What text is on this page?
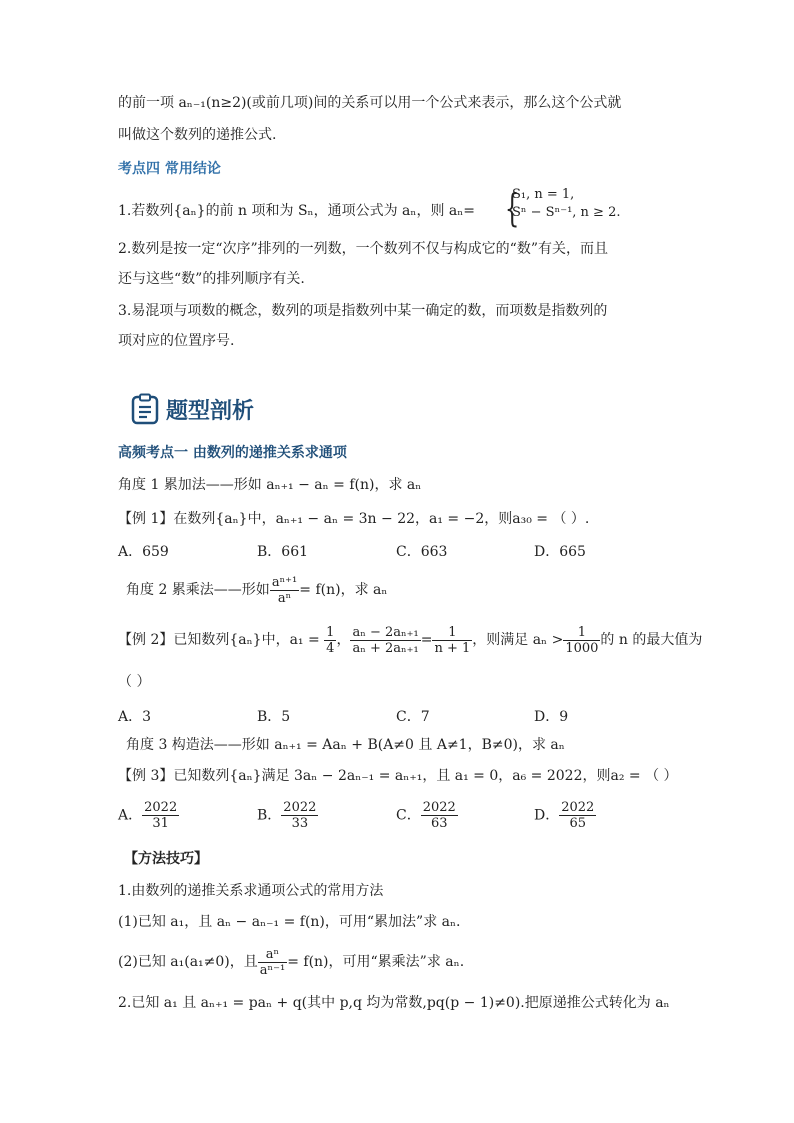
的前一项 aₙ₋₁(n≥2)(或前几项)间的关系可以用一个公式来表示，那么这个公式就
叫做这个数列的递推公式.
考点四 常用结论
1.若数列{aₙ}的前 n 项和为 Sₙ，通项公式为 aₙ，则 aₙ= {
S₁, n = 1,
Sⁿ − Sⁿ⁻¹, n ≥ 2.
2.数列是按一定“次序”排列的一列数，一个数列不仅与构成它的“数”有关，而且
还与这些“数”的排列顺序有关.
3.易混项与项数的概念，数列的项是指数列中某一确定的数，而项数是指数列的
项对应的位置序号.
题型剖析
高频考点一 由数列的递推关系求通项
角度 1 累加法——形如 aₙ₊₁ − aₙ = f(n)，求 aₙ
【例 1】在数列{aₙ}中，aₙ₊₁ − aₙ = 3n − 22，a₁ = −2，则a₃₀ = （ ）.
A．659	B．661	C．663	D．665
角度 2 累乘法——形如 $\frac{\text{aⁿ⁺¹}}{\text{aⁿ}} = f(n)$，求 aₙ
【例 2】已知数列{aₙ}中，$a_1 = \frac{1}{4}$ ， $\frac{\text{aₙ − 2aₙ₊₁}}{\text{aₙ + 2aₙ₊₁}} = \frac{1}{n + 1}$ ，则满足 $a_n > \frac{1}{1000}$ 的 n 的最大值为
（ ）
A．3	B．5	C．7	D．9
角度 3 构造法——形如 aₙ₊₁ = Aaₙ + B(A≠0 且 A≠1，B≠0)，求 aₙ
【例 3】已知数列{aₙ}满足 3aₙ − 2aₙ₋₁ = aₙ₊₁，且 a₁ = 0，a₆ = 2022，则a₂ = （ ）
A． $\frac{2022}{31}$	B． $\frac{2022}{33}$	C． $\frac{2022}{63}$	D． $\frac{2022}{65}$
【方法技巧】
1.由数列的递推关系求通项公式的常用方法
(1)已知 a₁，且 aₙ − aₙ₋₁ = f(n)，可用“累加法”求 aₙ.
(2)已知 a₁(a₁≠0)，且 $\frac{\text{aⁿ}}{\text{aⁿ⁻¹}} = f(n)$，可用“累乘法”求 aₙ.
2.已知 a₁ 且 aₙ₊₁ = paₙ + q(其中 p,q 均为常数,pq(p − 1)≠0).把原递推公式转化为 aₙ
